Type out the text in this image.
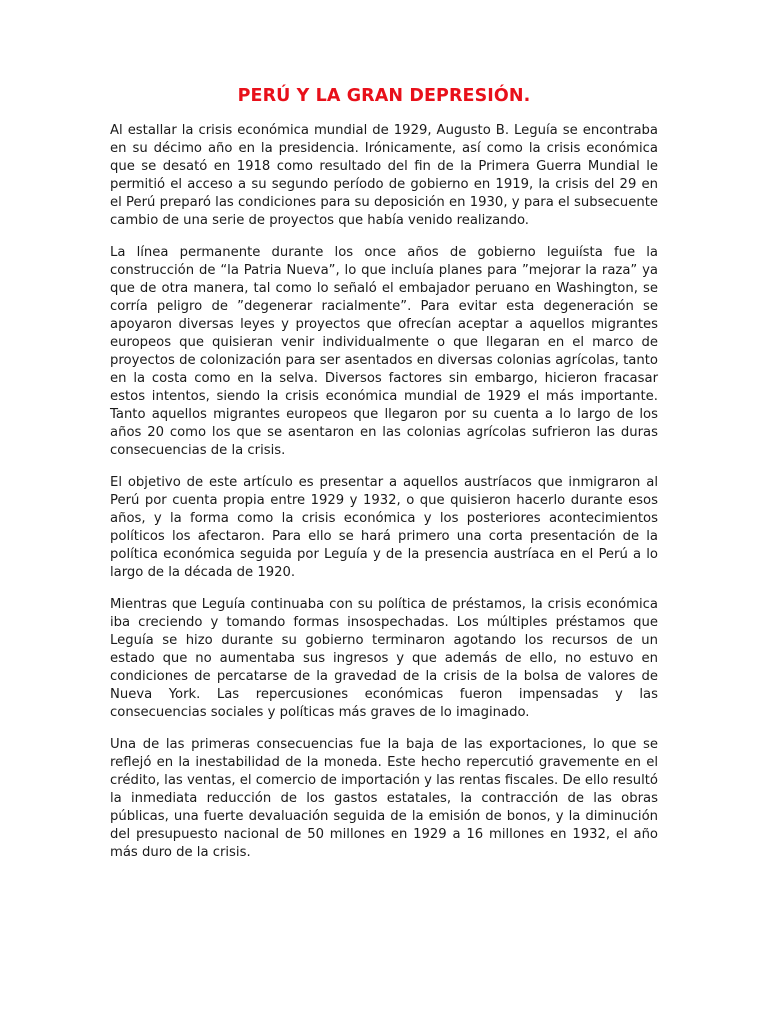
PERÚ Y LA GRAN DEPRESIÓN.

Al estallar la crisis económica mundial de 1929, Augusto B. Leguía se encontraba en su décimo año en la presidencia. Irónicamente, así como la crisis económica que se desató en 1918 como resultado del fin de la Primera Guerra Mundial le permitió el acceso a su segundo período de gobierno en 1919, la crisis del 29 en el Perú preparó las condiciones para su deposición en 1930, y para el subsecuente cambio de una serie de proyectos que había venido realizando.

La línea permanente durante los once años de gobierno leguiísta fue la construcción de “la Patria Nueva”, lo que incluía planes para ”mejorar la raza” ya que de otra manera, tal como lo señaló el embajador peruano en Washington, se corría peligro de ”degenerar racialmente”. Para evitar esta degeneración se apoyaron diversas leyes y proyectos que ofrecían aceptar a aquellos migrantes europeos que quisieran venir individualmente o que llegaran en el marco de proyectos de colonización para ser asentados en diversas colonias agrícolas, tanto en la costa como en la selva. Diversos factores sin embargo, hicieron fracasar estos intentos, siendo la crisis económica mundial de 1929 el más importante. Tanto aquellos migrantes europeos que llegaron por su cuenta a lo largo de los años 20 como los que se asentaron en las colonias agrícolas sufrieron las duras consecuencias de la crisis.

El objetivo de este artículo es presentar a aquellos austríacos que inmigraron al Perú por cuenta propia entre 1929 y 1932, o que quisieron hacerlo durante esos años, y la forma como la crisis económica y los posteriores acontecimientos políticos los afectaron. Para ello se hará primero una corta presentación de la política económica seguida por Leguía y de la presencia austríaca en el Perú a lo largo de la década de 1920.

Mientras que Leguía continuaba con su política de préstamos, la crisis económica iba creciendo y tomando formas insospechadas. Los múltiples préstamos que Leguía se hizo durante su gobierno terminaron agotando los recursos de un estado que no aumentaba sus ingresos y que además de ello, no estuvo en condiciones de percatarse de la gravedad de la crisis de la bolsa de valores de Nueva York. Las repercusiones económicas fueron impensadas y las consecuencias sociales y políticas más graves de lo imaginado.

Una de las primeras consecuencias fue la baja de las exportaciones, lo que se reflejó en la inestabilidad de la moneda. Este hecho repercutió gravemente en el crédito, las ventas, el comercio de importación y las rentas fiscales. De ello resultó la inmediata reducción de los gastos estatales, la contracción de las obras públicas, una fuerte devaluación seguida de la emisión de bonos, y la diminución del presupuesto nacional de 50 millones en 1929 a 16 millones en 1932, el año más duro de la crisis.
